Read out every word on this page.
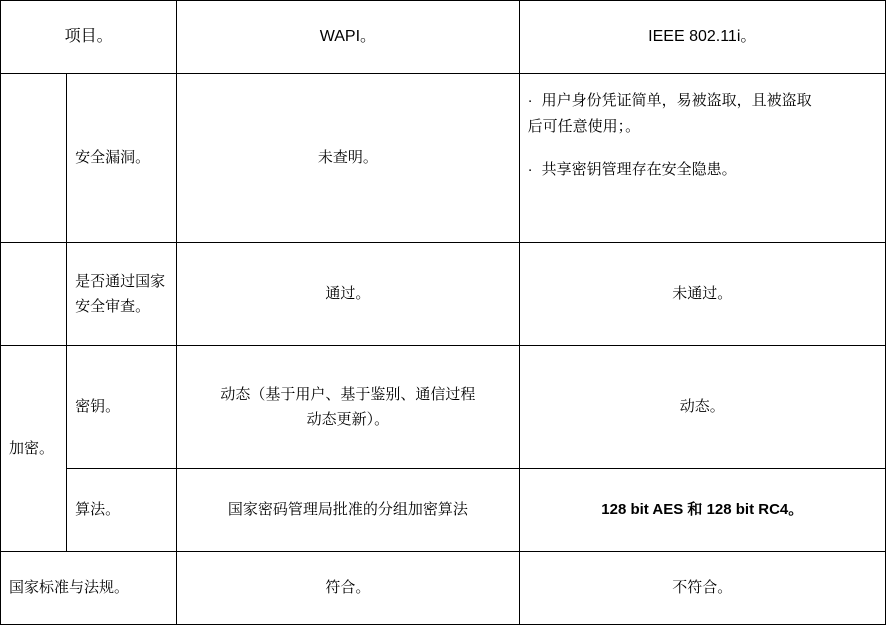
项目。		WAPI。	IEEE 802.11i。
	安全漏洞。	未查明。	
· 用户身份凭证简单，易被盗取，且被盗取
后可任意使用；。
· 共享密钥管理存在安全隐患。

	是否通过国家
安全审查。	通过。	未通过。
加密。	密钥。	动态（基于用户、基于鉴别、通信过程
动态更新）。	动态。
	算法。	国家密码管理局批准的分组加密算法	128 bit AES 和 128 bit RC4。
国家标准与法规。		符合。	不符合。
